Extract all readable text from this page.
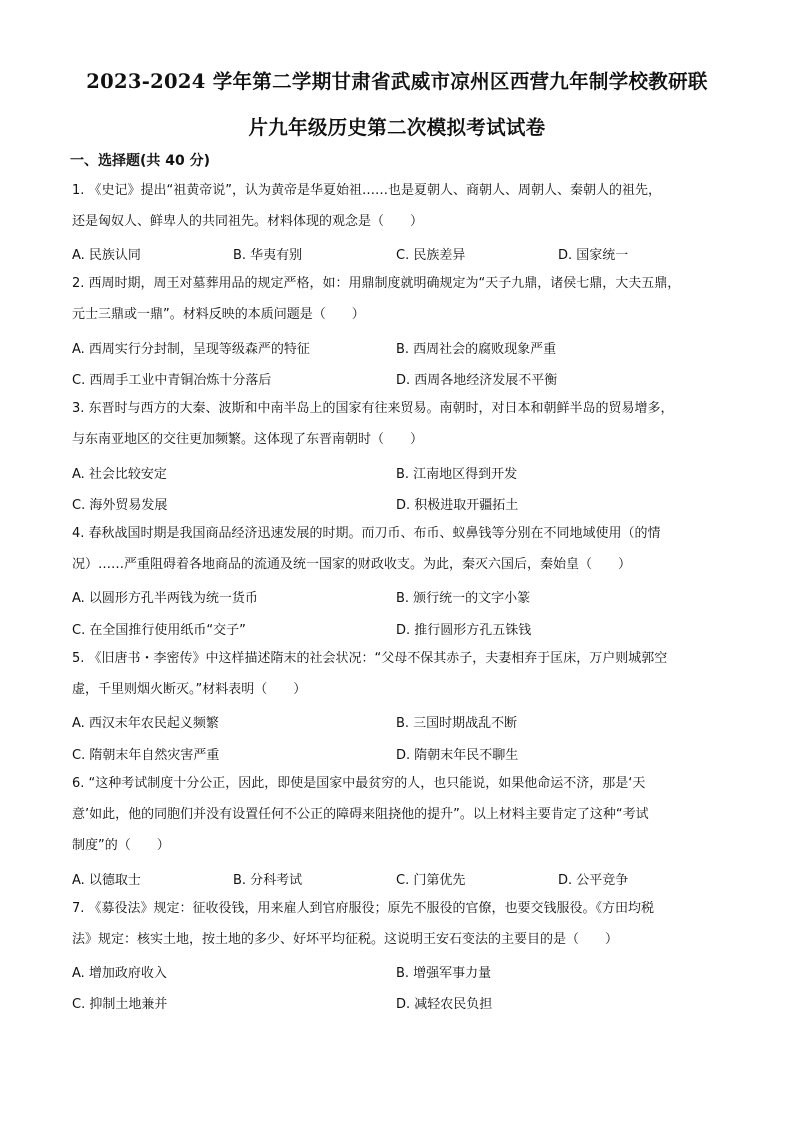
2023-2024 学年第二学期甘肃省武威市凉州区西营九年制学校教研联
片九年级历史第二次模拟考试试卷
一、选择题(共 40 分)
1. 《史记》提出“祖黄帝说”，认为黄帝是华夏始祖……也是夏朝人、商朝人、周朝人、秦朝人的祖先，
还是匈奴人、鲜卑人的共同祖先。材料体现的观念是（　　）
A. 民族认同	B. 华夷有别	C. 民族差异	D. 国家统一
2. 西周时期，周王对墓葬用品的规定严格，如：用鼎制度就明确规定为“天子九鼎，诸侯七鼎，大夫五鼎，
元士三鼎或一鼎”。材料反映的本质问题是（　　）
A. 西周实行分封制，呈现等级森严的特征	B. 西周社会的腐败现象严重
C. 西周手工业中青铜冶炼十分落后	D. 西周各地经济发展不平衡
3. 东晋时与西方的大秦、波斯和中南半岛上的国家有往来贸易。南朝时，对日本和朝鲜半岛的贸易增多，
与东南亚地区的交往更加频繁。这体现了东晋南朝时（　　）
A. 社会比较安定	B. 江南地区得到开发
C. 海外贸易发展	D. 积极进取开疆拓土
4. 春秋战国时期是我国商品经济迅速发展的时期。而刀币、布币、蚁鼻钱等分别在不同地域使用（的情
况）……严重阻碍着各地商品的流通及统一国家的财政收支。为此，秦灭六国后，秦始皇（　　）
A. 以圆形方孔半两钱为统一货币	B. 颁行统一的文字小篆
C. 在全国推行使用纸币“交子”	D. 推行圆形方孔五铢钱
5. 《旧唐书・李密传》中这样描述隋末的社会状况：“父母不保其赤子，夫妻相弃于匡床，万户则城郭空
虚，千里则烟火断灭。”材料表明（　　）
A. 西汉末年农民起义频繁	B. 三国时期战乱不断
C. 隋朝末年自然灾害严重	D. 隋朝末年民不聊生
6. “这种考试制度十分公正，因此，即使是国家中最贫穷的人，也只能说，如果他命运不济，那是‘天
意’如此，他的同胞们并没有设置任何不公正的障碍来阻挠他的提升”。以上材料主要肯定了这种“考试
制度”的（　　）
A. 以德取士	B. 分科考试	C. 门第优先	D. 公平竞争
7. 《募役法》规定：征收役钱，用来雇人到官府服役；原先不服役的官僚，也要交钱服役。《方田均税
法》规定：核实土地，按土地的多少、好坏平均征税。这说明王安石变法的主要目的是（　　）
A. 增加政府收入	B. 增强军事力量
C. 抑制土地兼并	D. 减轻农民负担
